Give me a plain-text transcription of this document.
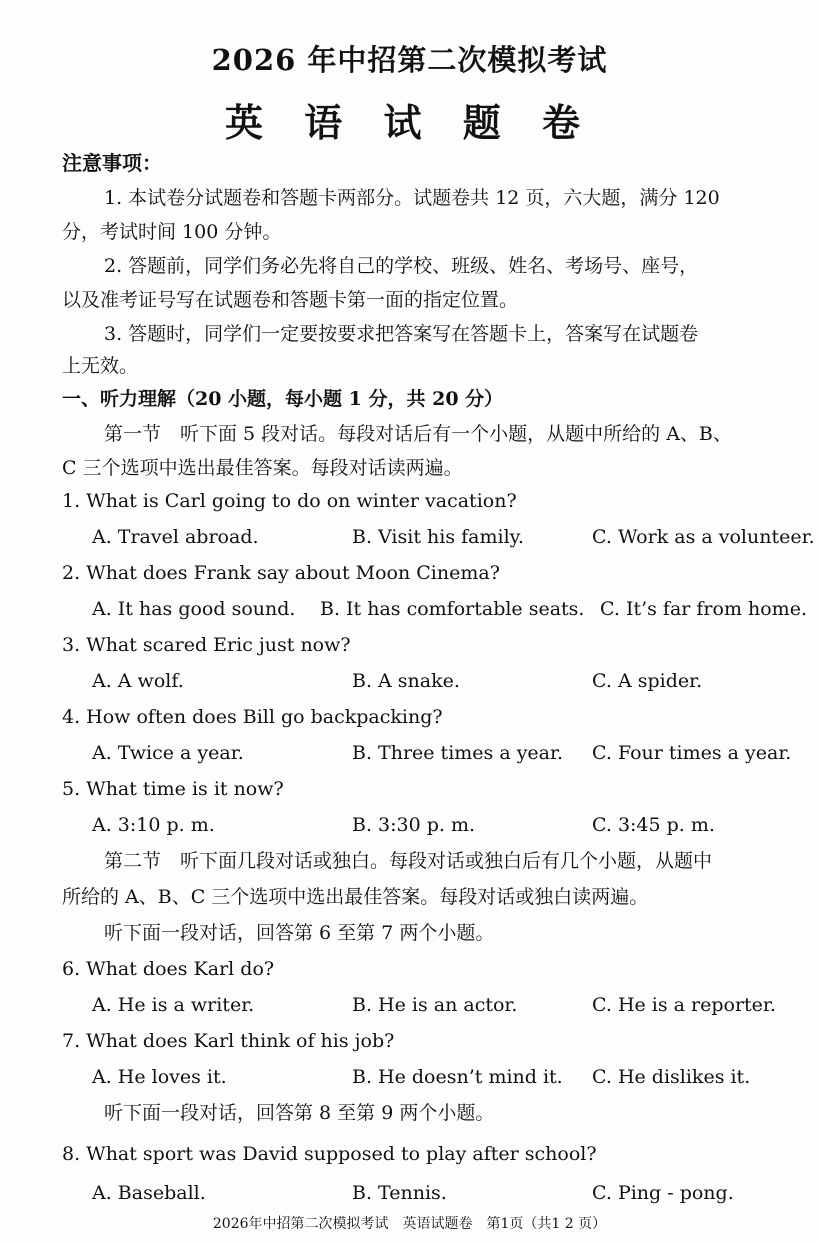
2026 年中招第二次模拟考试
英 语 试 题 卷
注意事项：
1. 本试卷分试题卷和答题卡两部分。试题卷共 12 页，六大题，满分 120
分，考试时间 100 分钟。
2. 答题前，同学们务必先将自己的学校、班级、姓名、考场号、座号，
以及准考证号写在试题卷和答题卡第一面的指定位置。
3. 答题时，同学们一定要按要求把答案写在答题卡上，答案写在试题卷
上无效。
一、听力理解（20 小题，每小题 1 分，共 20 分）
第一节　听下面 5 段对话。每段对话后有一个小题，从题中所给的 A、B、
C 三个选项中选出最佳答案。每段对话读两遍。
1. What is Carl going to do on winter vacation?
A. Travel abroad.	B. Visit his family.	C. Work as a volunteer.
2. What does Frank say about Moon Cinema?
A. It has good sound. B. It has comfortable seats. C. It’s far from home.
3. What scared Eric just now?
A. A wolf.	B. A snake.	C. A spider.
4. How often does Bill go backpacking?
A. Twice a year.	B. Three times a year. C. Four times a year.
5. What time is it now?
A. 3:10 p. m.	B. 3:30 p. m.	C. 3:45 p. m.
第二节　听下面几段对话或独白。每段对话或独白后有几个小题，从题中
所给的 A、B、C 三个选项中选出最佳答案。每段对话或独白读两遍。
听下面一段对话，回答第 6 至第 7 两个小题。
6. What does Karl do?
A. He is a writer.	B. He is an actor.	C. He is a reporter.
7. What does Karl think of his job?
A. He loves it.	B. He doesn’t mind it. C. He dislikes it.
听下面一段对话，回答第 8 至第 9 两个小题。
8. What sport was David supposed to play after school?
A. Baseball.	B. Tennis.	C. Ping - pong.
2026年中招第二次模拟考试　英语试题卷　第1页（共1 2 页）
